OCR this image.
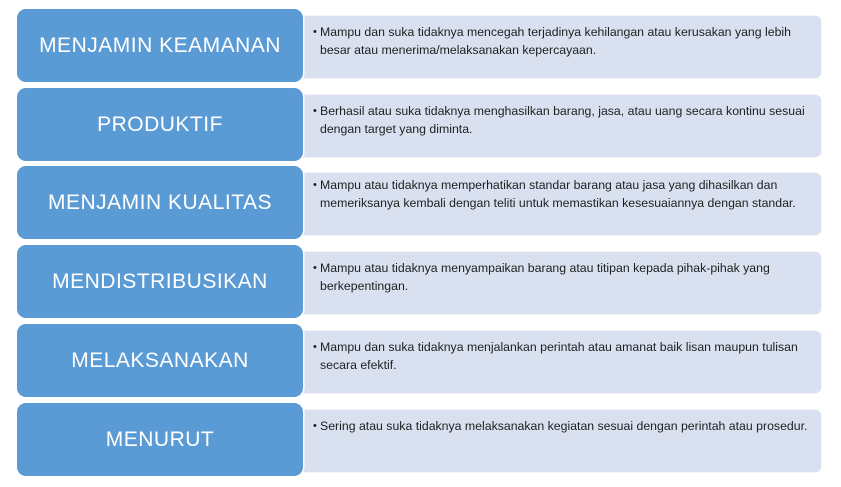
• Mampu dan suka tidaknya mencegah terjadinya kehilangan atau kerusakan yang lebih besar atau menerima/melaksanakan kepercayaan.
MENJAMIN KEAMANAN
• Berhasil atau suka tidaknya menghasilkan barang, jasa, atau uang secara kontinu sesuai dengan target yang diminta.
PRODUKTIF
• Mampu atau tidaknya memperhatikan standar barang atau jasa yang dihasilkan dan memeriksanya kembali dengan teliti untuk memastikan kesesuaiannya dengan standar.
MENJAMIN KUALITAS
• Mampu atau tidaknya menyampaikan barang atau titipan kepada pihak-pihak yang berkepentingan.
MENDISTRIBUSIKAN
• Mampu dan suka tidaknya menjalankan perintah atau amanat baik lisan maupun tulisan secara efektif.
MELAKSANAKAN
• Sering atau suka tidaknya melaksanakan kegiatan sesuai dengan perintah atau prosedur.
MENURUT
